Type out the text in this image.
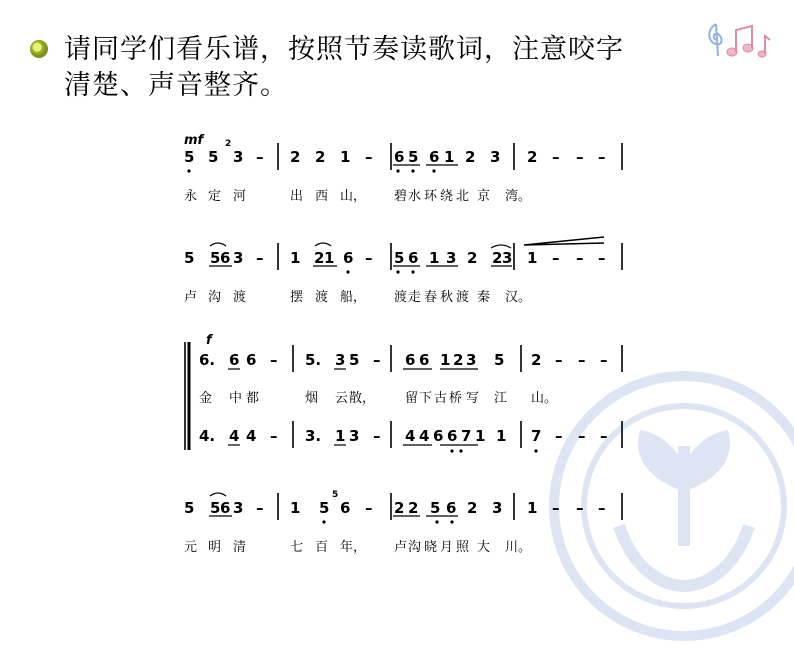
请同学们看乐谱，按照节奏读歌词，注意咬字
清楚、声音整齐。
mf
f
2
5
5 5 3 – 2 2 1 – 6 5 6 1 2 3 2 – – –
永 定 河	出 西 山， 碧 水 环 绕 北 京 湾。
5 5 6 3 – 1 2 1 6 – 5 6 1 3 2 2 3 1 – – –
卢 沟 渡	摆 渡 船， 渡 走 春 秋 渡 秦 汉。
6. 6 6 – 5. 3 5 – 6 6 1 2 3 5 2 – – –
金 中 都	烟 云 散， 留 下 古 桥 写 江 山。
4. 4 4 – 3. 1 3 – 4 4 6 6 7 1 1 7 – – –
5 5 6 3 – 1 5 6 – 2 2 5 6 2 3 1 – – –
元 明 清	七 百 年， 卢 沟 晓 月 照 大 川。
